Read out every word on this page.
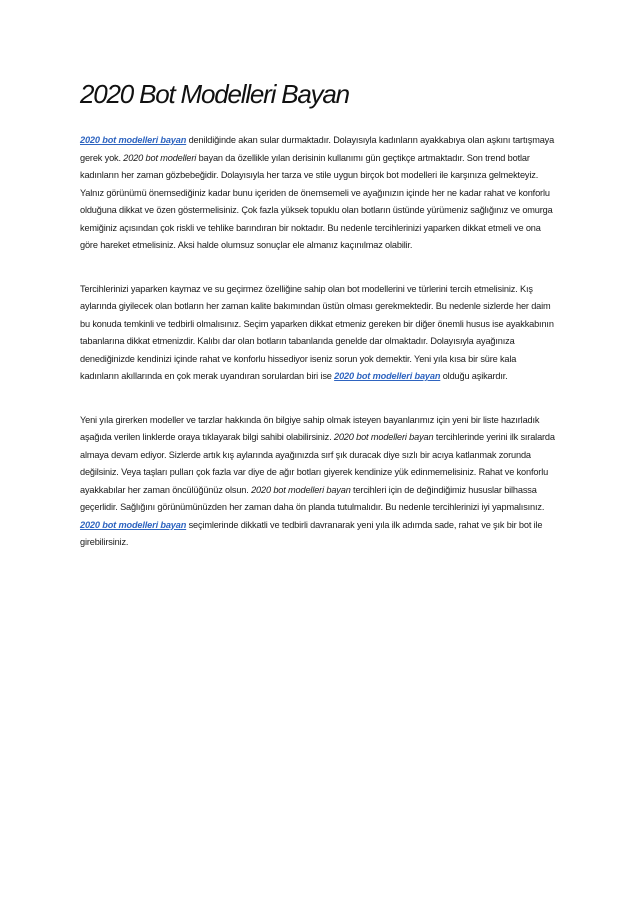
2020 Bot Modelleri Bayan

2020 bot modelleri bayan denildiğinde akan sular durmaktadır. Dolayısıyla kadınların ayakkabıya olan aşkını tartışmaya gerek yok. 2020 bot modelleri bayan da özellikle yılan derisinin kullanımı gün geçtikçe artmaktadır. Son trend botlar kadınların her zaman gözbebeğidir. Dolayısıyla her tarza ve stile uygun birçok bot modelleri ile karşınıza gelmekteyiz. Yalnız görünümü önemsediğiniz kadar bunu içeriden de önemsemeli ve ayağınızın içinde her ne kadar rahat ve konforlu olduğuna dikkat ve özen göstermelisiniz. Çok fazla yüksek topuklu olan botların üstünde yürümeniz sağlığınız ve omurga kemiğiniz açısından çok riskli ve tehlike barındıran bir noktadır. Bu nedenle tercihlerinizi yaparken dikkat etmeli ve ona göre hareket etmelisiniz. Aksi halde olumsuz sonuçlar ele almanız kaçınılmaz olabilir.

Tercihlerinizi yaparken kaymaz ve su geçirmez özelliğine sahip olan bot modellerini ve türlerini tercih etmelisiniz. Kış aylarında giyilecek olan botların her zaman kalite bakımından üstün olması gerekmektedir. Bu nedenle sizlerde her daim bu konuda temkinli ve tedbirli olmalısınız. Seçim yaparken dikkat etmeniz gereken bir diğer önemli husus ise ayakkabının tabanlarına dikkat etmenizdir. Kalıbı dar olan botların tabanlarıda genelde dar olmaktadır. Dolayısıyla ayağınıza denediğinizde kendinizi içinde rahat ve konforlu hissediyor iseniz sorun yok demektir. Yeni yıla kısa bir süre kala kadınların akıllarında en çok merak uyandıran sorulardan biri ise 2020 bot modelleri bayan olduğu aşikardır.

Yeni yıla girerken modeller ve tarzlar hakkında ön bilgiye sahip olmak isteyen bayanlarımız için yeni bir liste hazırladık aşağıda verilen linklerde oraya tıklayarak bilgi sahibi olabilirsiniz. 2020 bot modelleri bayan tercihlerinde yerini ilk sıralarda almaya devam ediyor. Sizlerde artık kış aylarında ayağınızda sırf şık duracak diye sızlı bir acıya katlanmak zorunda değilsiniz. Veya taşları pulları çok fazla var diye de ağır botları giyerek kendinize yük edinmemelisiniz. Rahat ve konforlu ayakkabılar her zaman öncülüğünüz olsun. 2020 bot modelleri bayan tercihleri için de değindiğimiz hususlar bilhassa geçerlidir. Sağlığını görünümünüzden her zaman daha ön planda tutulmalıdır. Bu nedenle tercihlerinizi iyi yapmalısınız. 2020 bot modelleri bayan seçimlerinde dikkatli ve tedbirli davranarak yeni yıla ilk adımda sade, rahat ve şık bir bot ile girebilirsiniz.
